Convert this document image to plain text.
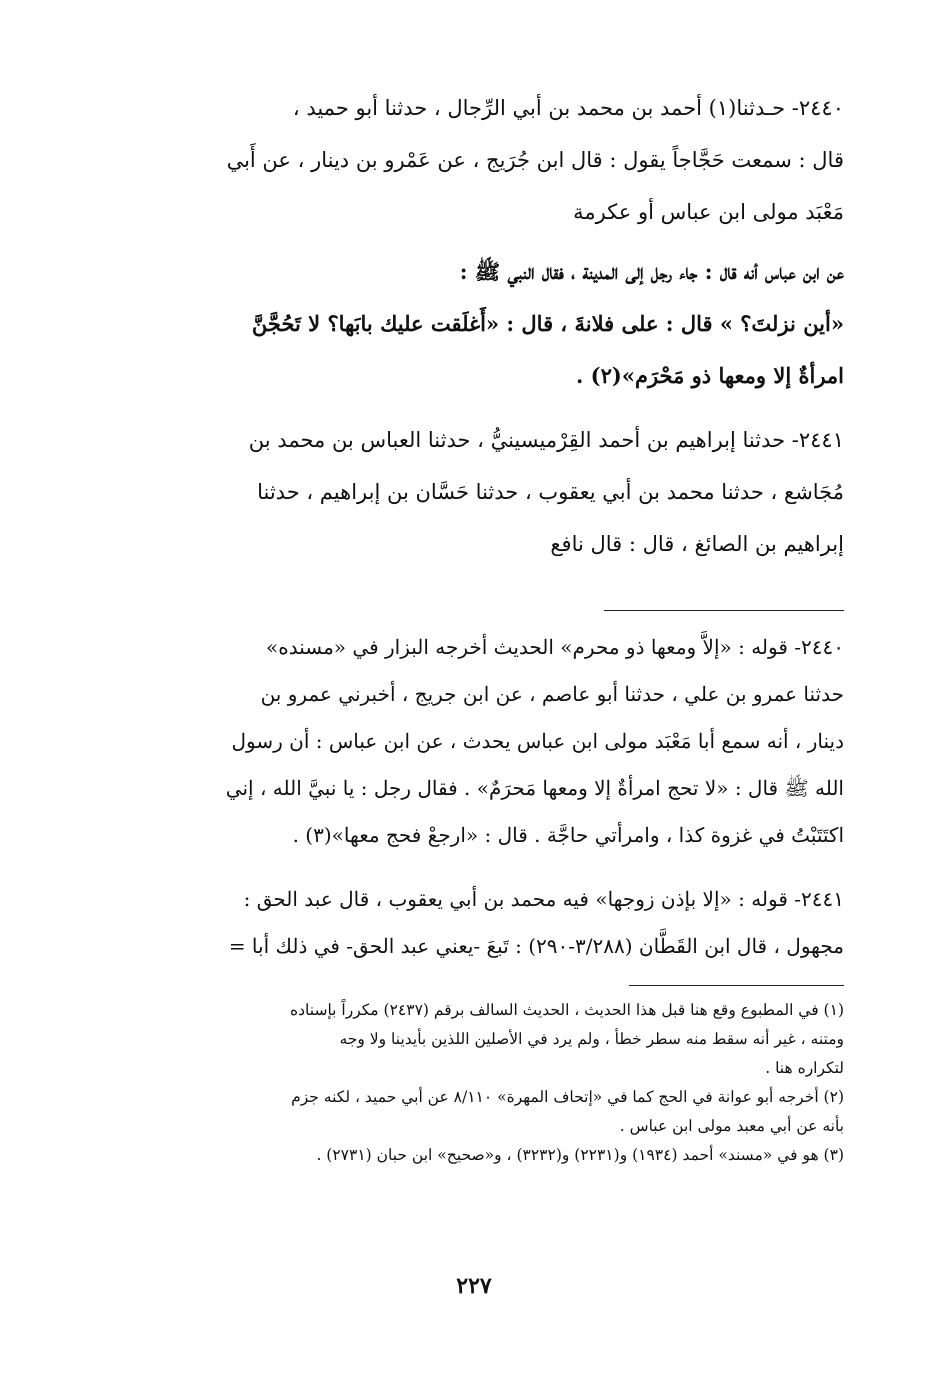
٢٤٤٠- حـدثنا(١) أحمد بن محمد بن أبي الرِّجال ، حدثنا أبو حميد ،
قال : سمعت حَجَّاجاً يقول : قال ابن جُرَيج ، عن عَمْرو بن دينار ، عن أَبي
مَعْبَد مولى ابن عباس أو عكرمة
عن ابن عباس أنه قال : جاء رجل إلى المدينة ، فقال النبي ﷺ :
«أين نزلتَ؟ » قال : على فلانةَ ، قال : «أَغلَقت عليك بابَها؟ لا تَحُجَّنَّ
امرأةٌ إلا ومعها ذو مَحْرَم»(٢) .
٢٤٤١- حدثنا إبراهيم بن أحمد القِرْميسينيُّ ، حدثنا العباس بن محمد بن
مُجَاشع ، حدثنا محمد بن أبي يعقوب ، حدثنا حَسَّان بن إبراهيم ، حدثنا
إبراهيم بن الصائغ ، قال : قال نافع
٢٤٤٠- قوله : «إلاَّ ومعها ذو محرم» الحديث أخرجه البزار في «مسنده»
حدثنا عمرو بن علي ، حدثنا أبو عاصم ، عن ابن جريج ، أخبرني عمرو بن
دينار ، أنه سمع أبا مَعْبَد مولى ابن عباس يحدث ، عن ابن عباس : أن رسول
الله ﷺ قال : «لا تحج امرأةٌ إلا ومعها مَحرَمٌ» . فقال رجل : يا نبيَّ الله ، إني
اكتَتَبْتُ في غزوة كذا ، وامرأتي حاجَّة . قال : «ارجعْ فحج معها»(٣) .
٢٤٤١- قوله : «إلا بإذن زوجها» فيه محمد بن أبي يعقوب ، قال عبد الحق :
مجهول ، قال ابن القَطَّان (٣/٢٨٨-٢٩٠) : تَبعَ -يعني عبد الحق- في ذلك أبا =
(١) في المطبوع وقع هنا قبل هذا الحديث ، الحديث السالف برقم (٢٤٣٧) مكرراً بإسناده
ومتنه ، غير أنه سقط منه سطر خطأ ، ولم يرد في الأصلين اللذين بأيدينا ولا وجه
لتكراره هنا .
(٢) أخرجه أبو عوانة في الحج كما في «إتحاف المهرة» ٨/١١٠ عن أبي حميد ، لكنه جزم
بأنه عن أبي معبد مولى ابن عباس .
(٣) هو في «مسند» أحمد (١٩٣٤) و(٢٢٣١) و(٣٢٣٢) ، و«صحيح» ابن حبان (٢٧٣١) .
٢٢٧
